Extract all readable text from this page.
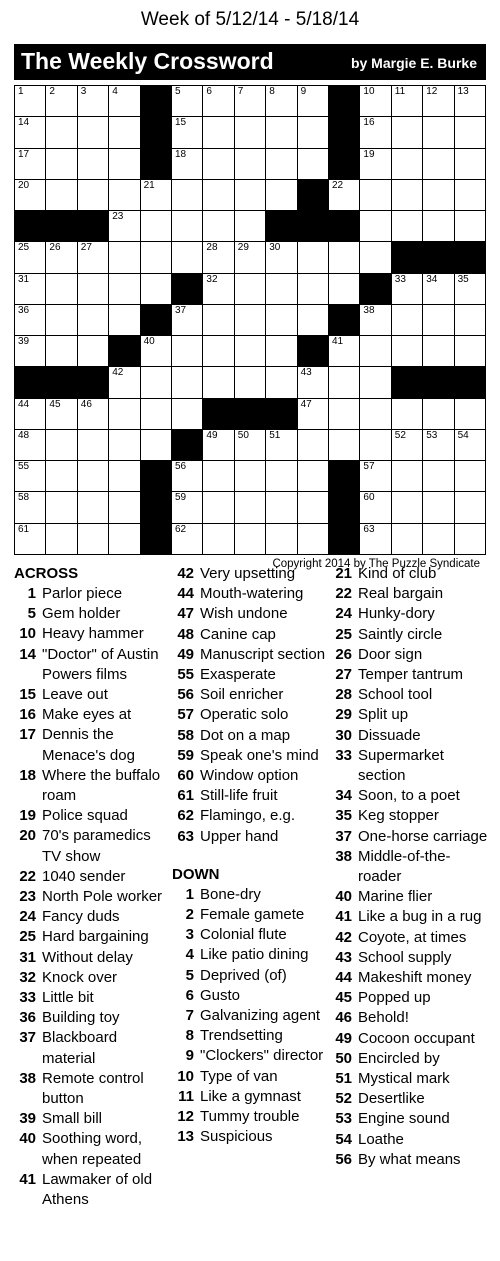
Week of 5/12/14 - 5/18/14
The Weekly Crossword	by Margie E. Burke
1	2	3	4	5	6	7	8	9	10 11 12 13
14	15	16
17	18	19
20	21	22
23
25 26 27	28 29 30
31	32	33 34 35
36	37	38
39	40	41
42	43
44 45 46	47
48	49 50 51	52 53 54
55	56	57
58	59	60
61	62	63
Copyright 2014 by The Puzzle Syndicate
ACROSS
1 Parlor piece
5 Gem holder
10 Heavy hammer
14 "Doctor" of Austin Powers films
15 Leave out
16 Make eyes at
17 Dennis the Menace's dog
18 Where the buffalo roam
19 Police squad
20 70's paramedics TV show
22 1040 sender
23 North Pole worker
24 Fancy duds
25 Hard bargaining
31 Without delay
32 Knock over
33 Little bit
36 Building toy
37 Blackboard material
38 Remote control button
39 Small bill
40 Soothing word, when repeated
41 Lawmaker of old Athens
42 Very upsetting
44 Mouth-watering
47 Wish undone
48 Canine cap
49 Manuscript section
55 Exasperate
56 Soil enricher
57 Operatic solo
58 Dot on a map
59 Speak one's mind
60 Window option
61 Still-life fruit
62 Flamingo, e.g.
63 Upper hand
DOWN
1 Bone-dry
2 Female gamete
3 Colonial flute
4 Like patio dining
5 Deprived (of)
6 Gusto
7 Galvanizing agent
8 Trendsetting
9 "Clockers" director
10 Type of van
11 Like a gymnast
12 Tummy trouble
13 Suspicious
21 Kind of club
22 Real bargain
24 Hunky-dory
25 Saintly circle
26 Door sign
27 Temper tantrum
28 School tool
29 Split up
30 Dissuade
33 Supermarket section
34 Soon, to a poet
35 Keg stopper
37 One-horse carriage
38 Middle-of-the-roader
40 Marine flier
41 Like a bug in a rug
42 Coyote, at times
43 School supply
44 Makeshift money
45 Popped up
46 Behold!
49 Cocoon occupant
50 Encircled by
51 Mystical mark
52 Desertlike
53 Engine sound
54 Loathe
56 By what means
